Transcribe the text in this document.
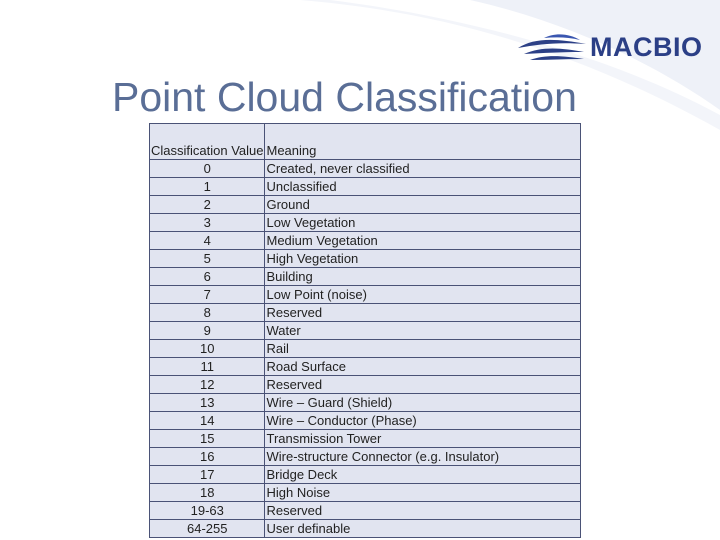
MACBIO
Point Cloud Classification
Classification Value	Meaning
0	Created, never classified
1	Unclassified
2	Ground
3	Low Vegetation
4	Medium Vegetation
5	High Vegetation
6	Building
7	Low Point (noise)
8	Reserved
9	Water
10	Rail
11	Road Surface
12	Reserved
13	Wire – Guard (Shield)
14	Wire – Conductor (Phase)
15	Transmission Tower
16	Wire-structure Connector (e.g. Insulator)
17	Bridge Deck
18	High Noise
19-63	Reserved
64-255	User definable
